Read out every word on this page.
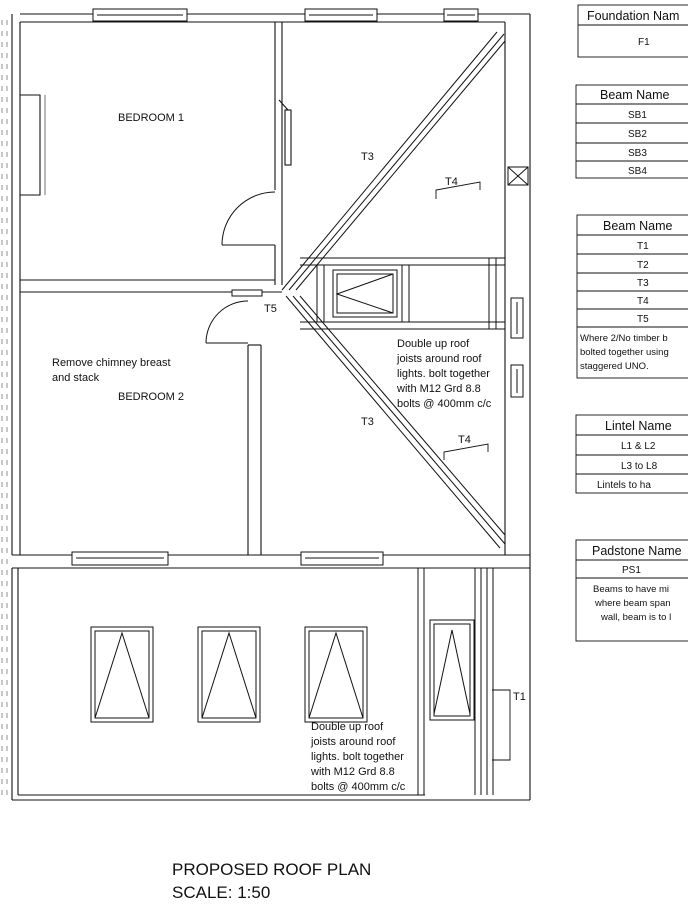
BEDROOM 1
BEDROOM 2
Remove chimney breast
and stack
T3
T4
T5
T3
T4
T1
Double up roof
joists around roof
lights. bolt together
with M12 Grd 8.8
bolts @ 400mm c/c
Double up roof
joists around roof
lights. bolt together
with M12 Grd 8.8
bolts @ 400mm c/c
PROPOSED ROOF PLAN
SCALE: 1:50
Foundation Nam
F1
Beam Name
SB1
SB2
SB3
SB4
Beam Name
T1
T2
T3
T4
T5
Where 2/No timber b
bolted together using
staggered UNO.
Lintel Name
L1 & L2
L3 to L8
Lintels to ha
Padstone Name
PS1
Beams to have mi
where beam span
wall, beam is to l
